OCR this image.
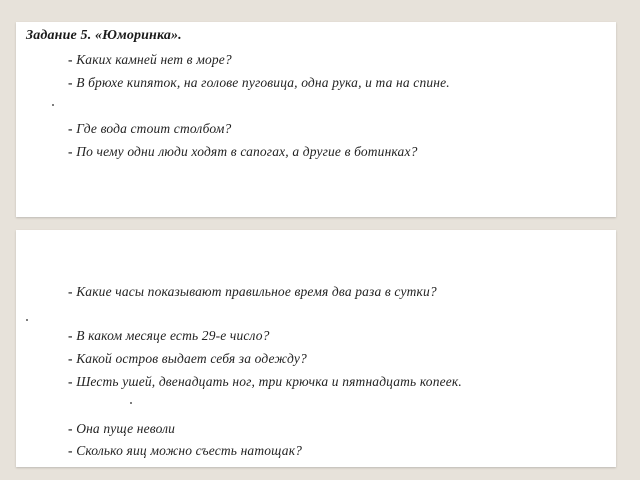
Задание 5. «Юморинка».

- Каких камней нет в море?

- В брюхе кипяток, на голове пуговица, одна рука, и та на спине.

- Где вода стоит столбом?

- По чему одни люди ходят в сапогах, а другие в ботинках?

- Какие часы показывают правильное время два раза в сутки?

- В каком месяце есть 29-е число?

- Какой остров выдает себя за одежду?

- Шесть ушей, двенадцать ног, три крючка и пятнадцать копеек.

- Она пуще неволи

- Сколько яиц можно съесть натощак?
